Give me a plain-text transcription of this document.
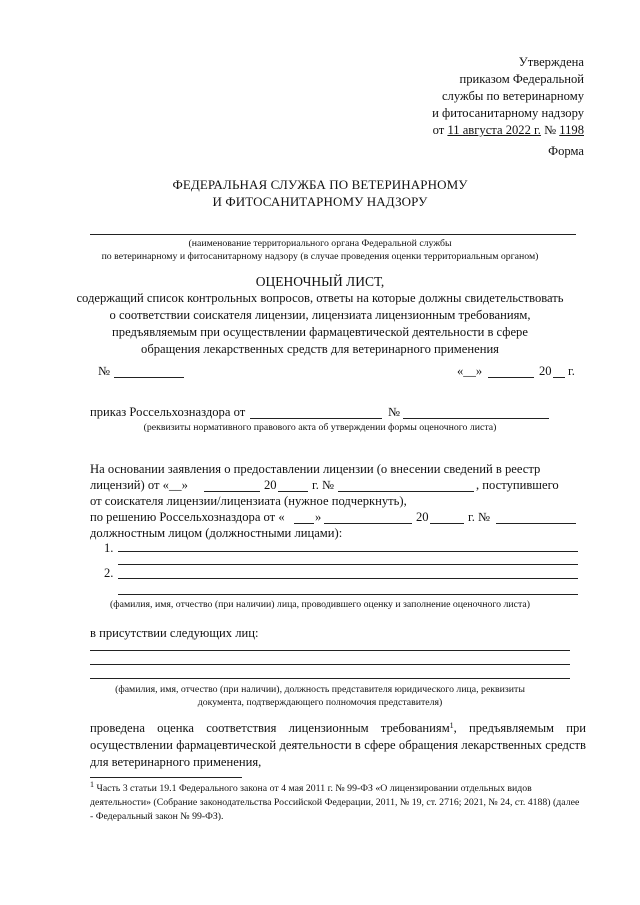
Утверждена
приказом Федеральной
службы по ветеринарному
и фитосанитарному надзору
от 11 августа 2022 г. № 1198
Форма
ФЕДЕРАЛЬНАЯ СЛУЖБА ПО ВЕТЕРИНАРНОМУ
И ФИТОСАНИТАРНОМУ НАДЗОРУ
(наименование территориального органа Федеральной службы
по ветеринарному и фитосанитарному надзору (в случае проведения оценки территориальным органом)
ОЦЕНОЧНЫЙ ЛИСТ,
содержащий список контрольных вопросов, ответы на которые должны свидетельствовать
о соответствии соискателя лицензии, лицензиата лицензионным требованиям,
предъявляемым при осуществлении фармацевтической деятельности в сфере
обращения лекарственных средств для ветеринарного применения
№	«__»	20 г.
приказ Россельхозназдора от	№
(реквизиты нормативного правового акта об утверждении формы оценочного листа)
На основании заявления о предоставлении лицензии (о внесении сведений в реестр
лицензий) от «__»	20	г. №	, поступившего
от соискателя лицензии/лицензиата (нужное подчеркнуть),
по решению Россельхозназдора от « »	20	г. №
должностным лицом (должностными лицами):
1.
2.
(фамилия, имя, отчество (при наличии) лица, проводившего оценку и заполнение оценочного листа)
в присутствии следующих лиц:
(фамилия, имя, отчество (при наличии), должность представителя юридического лица, реквизиты
документа, подтверждающего полномочия представителя)
проведена оценка соответствия лицензионным требованиям$^1$, предъявляемым при осуществлении фармацевтической деятельности в сфере обращения лекарственных средств для ветеринарного применения,
$^1$ Часть 3 статьи 19.1 Федерального закона от 4 мая 2011 г. № 99-ФЗ «О лицензировании отдельных видов деятельности» (Собрание законодательства Российской Федерации, 2011, № 19, ст. 2716; 2021, № 24, ст. 4188) (далее - Федеральный закон № 99-ФЗ).
